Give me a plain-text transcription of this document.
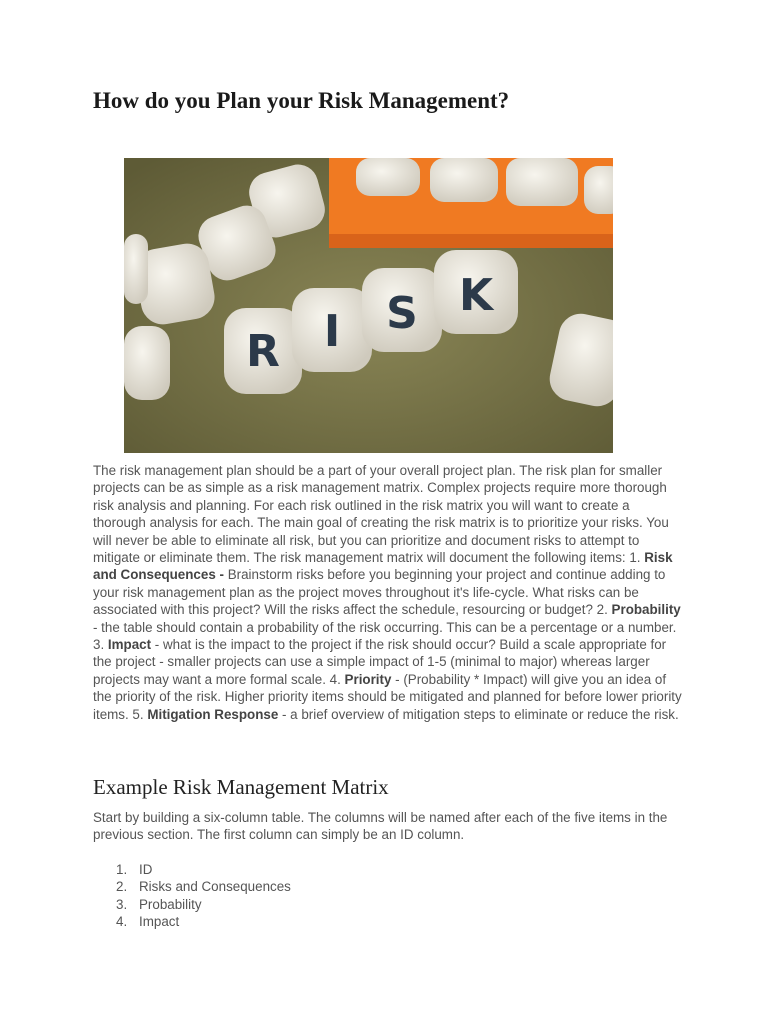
How do you Plan your Risk Management?
R I S K

The risk management plan should be a part of your overall project plan. The risk plan for smaller projects can be as simple as a risk management matrix. Complex projects require more thorough risk analysis and planning. For each risk outlined in the risk matrix you will want to create a thorough analysis for each. The main goal of creating the risk matrix is to prioritize your risks. You will never be able to eliminate all risk, but you can prioritize and document risks to attempt to mitigate or eliminate them. The risk management matrix will document the following items: 1. Risk and Consequences - Brainstorm risks before you beginning your project and continue adding to your risk management plan as the project moves throughout it's life-cycle. What risks can be associated with this project? Will the risks affect the schedule, resourcing or budget? 2. Probability - the table should contain a probability of the risk occurring. This can be a percentage or a number. 3. Impact - what is the impact to the project if the risk should occur? Build a scale appropriate for the project - smaller projects can use a simple impact of 1-5 (minimal to major) whereas larger projects may want a more formal scale. 4. Priority - (Probability * Impact) will give you an idea of the priority of the risk. Higher priority items should be mitigated and planned for before lower priority items. 5. Mitigation Response - a brief overview of mitigation steps to eliminate or reduce the risk.

Example Risk Management Matrix

Start by building a six-column table. The columns will be named after each of the five items in the previous section. The first column can simply be an ID column.

1. ID
2. Risks and Consequences
3. Probability
4. Impact
